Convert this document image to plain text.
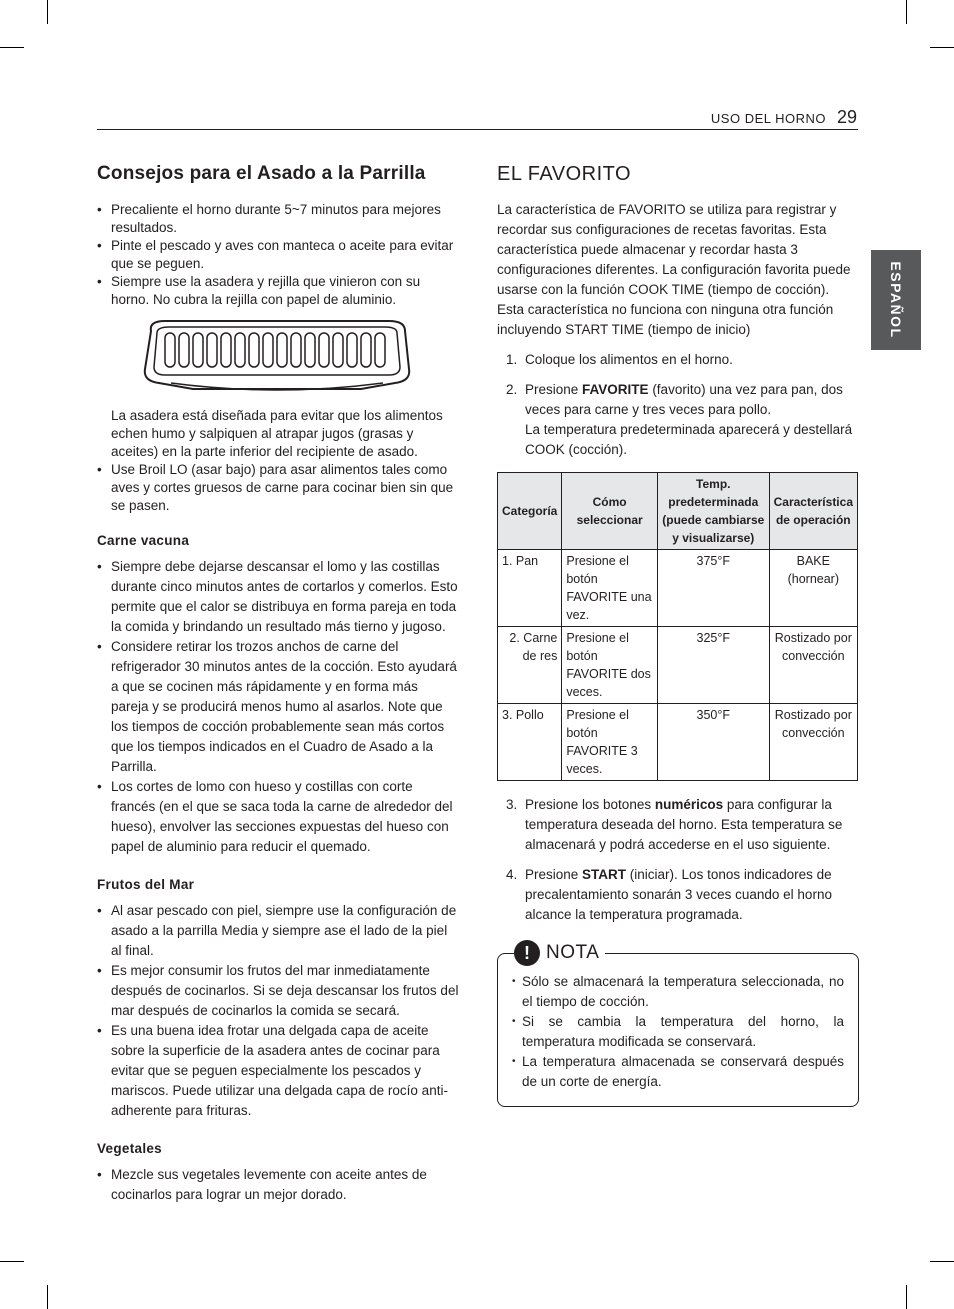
USO DEL HORNO 29
ESPAÑOL
Consejos para el Asado a la Parrilla
• Precaliente el horno durante 5~7 minutos para mejores resultados.
• Pinte el pescado y aves con manteca o aceite para evitar que se peguen.
• Siempre use la asadera y rejilla que vinieron con su horno. No cubra la rejilla con papel de aluminio.

La asadera está diseñada para evitar que los alimentos echen humo y salpiquen al atrapar jugos (grasas y aceites) en la parte inferior del recipiente de asado.

• Use Broil LO (asar bajo) para asar alimentos tales como aves y cortes gruesos de carne para cocinar bien sin que se pasen.
Carne vacuna
• Siempre debe dejarse descansar el lomo y las costillas durante cinco minutos antes de cortarlos y comerlos. Esto permite que el calor se distribuya en forma pareja en toda la comida y brindando un resultado más tierno y jugoso.
• Considere retirar los trozos anchos de carne del refrigerador 30 minutos antes de la cocción. Esto ayudará a que se cocinen más rápidamente y en forma más pareja y se producirá menos humo al asarlos. Note que los tiempos de cocción probablemente sean más cortos que los tiempos indicados en el Cuadro de Asado a la Parrilla.
• Los cortes de lomo con hueso y costillas con corte francés (en el que se saca toda la carne de alrededor del hueso), envolver las secciones expuestas del hueso con papel de aluminio para reducir el quemado.
Frutos del Mar
• Al asar pescado con piel, siempre use la configuración de asado a la parrilla Media y siempre ase el lado de la piel al final.
• Es mejor consumir los frutos del mar inmediatamente después de cocinarlos. Si se deja descansar los frutos del mar después de cocinarlos la comida se secará.
• Es una buena idea frotar una delgada capa de aceite sobre la superficie de la asadera antes de cocinar para evitar que se peguen especialmente los pescados y mariscos. Puede utilizar una delgada capa de rocío anti-adherente para frituras.
Vegetales
• Mezcle sus vegetales levemente con aceite antes de cocinarlos para lograr un mejor dorado.
EL FAVORITO

La característica de FAVORITO se utiliza para registrar y recordar sus configuraciones de recetas favoritas. Esta característica puede almacenar y recordar hasta 3 configuraciones diferentes. La configuración favorita puede usarse con la función COOK TIME (tiempo de cocción). Esta característica no funciona con ninguna otra función incluyendo START TIME (tiempo de inicio)

1. Coloque los alimentos en el horno.
2. Presione FAVORITE (favorito) una vez para pan, dos veces para carne y tres veces para pollo.
La temperatura predeterminada aparecerá y destellará COOK (cocción).
Categoría	Cómo seleccionar	Temp. predeterminada (puede cambiarse y visualizarse)	Característica de operación
1. Pan	Presione el botón FAVORITE una vez.	375°F	BAKE (hornear)
2. Carne de res	Presione el botón FAVORITE dos veces.	325°F	Rostizado por convección
3. Pollo	Presione el botón FAVORITE 3 veces.	350°F	Rostizado por convección
3. Presione los botones numéricos para configurar la temperatura deseada del horno. Esta temperatura se almacenará y podrá accederse en el uso siguiente.
4. Presione START (iniciar). Los tonos indicadores de precalentamiento sonarán 3 veces cuando el horno alcance la temperatura programada.
! NOTA
• Sólo se almacenará la temperatura seleccionada, no el tiempo de cocción.
• Si se cambia la temperatura del horno, la temperatura modificada se conservará.
• La temperatura almacenada se conservará después de un corte de energía.
